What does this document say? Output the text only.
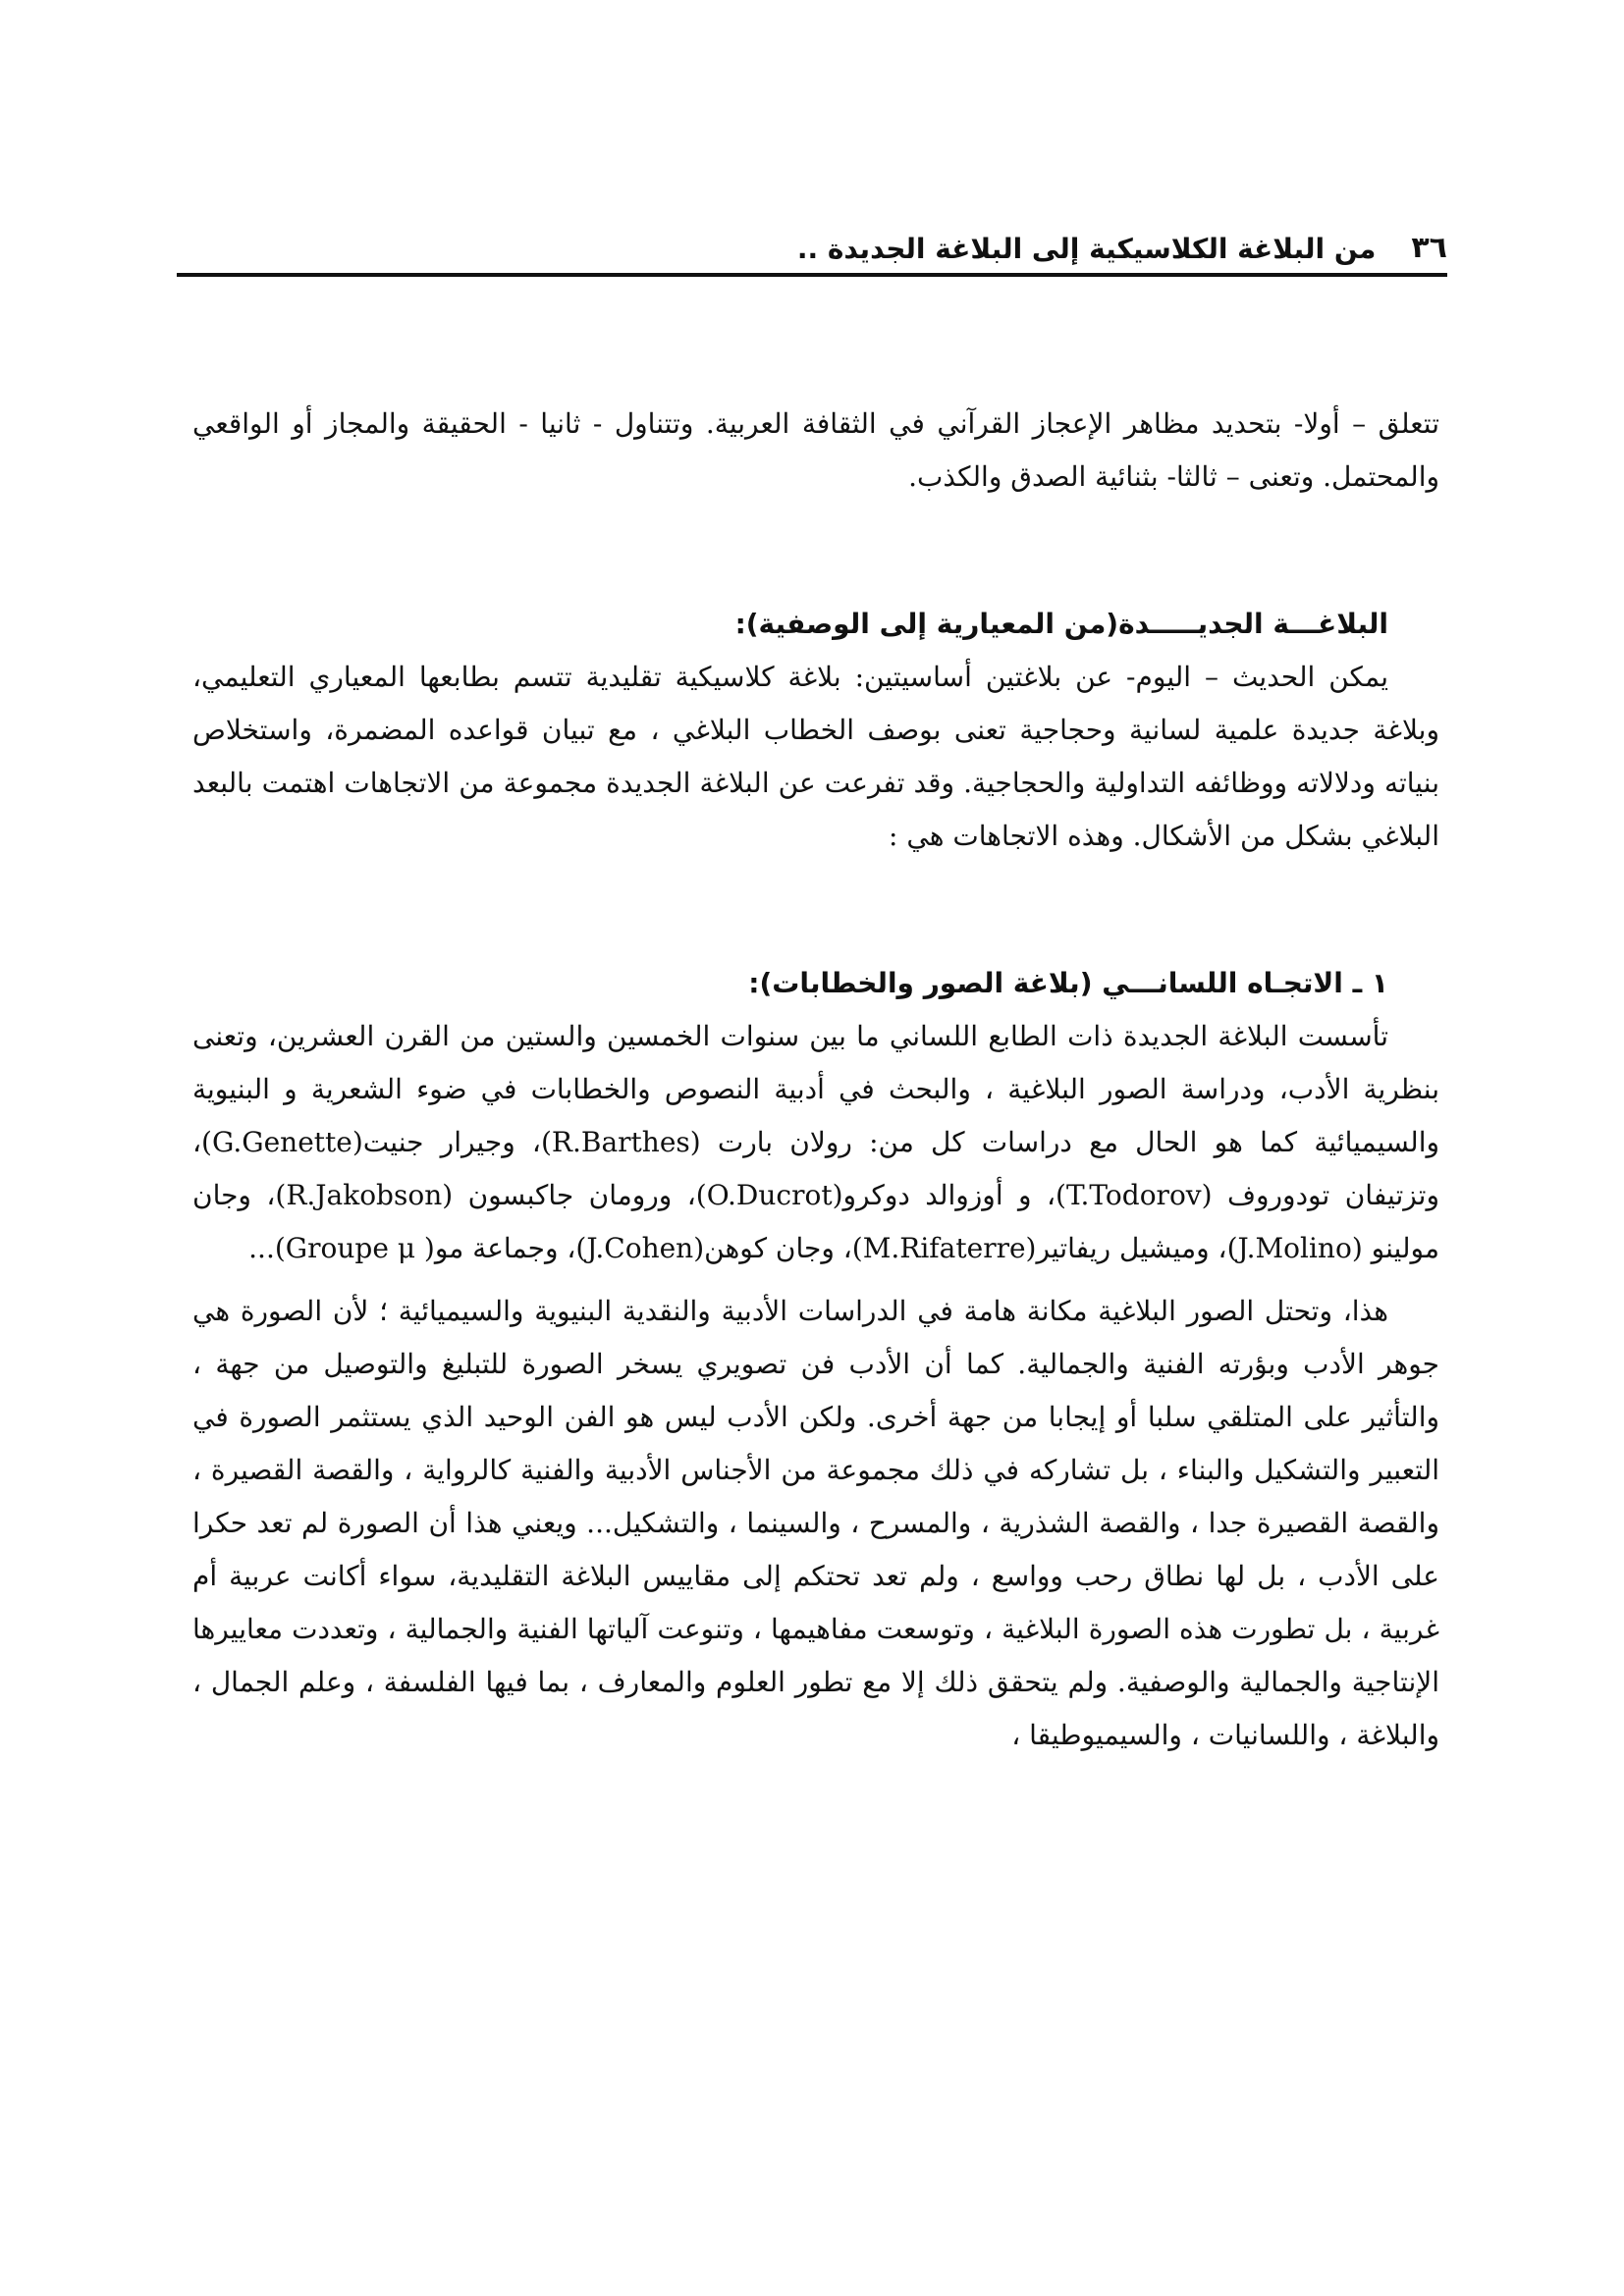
٣٦
من البلاغة الكلاسيكية إلى البلاغة الجديدة ..

تتعلق – أولا- بتحديد مظاهر الإعجاز القرآني في الثقافة العربية. وتتناول - ثانيا - الحقيقة والمجاز أو الواقعي والمحتمل. وتعنى – ثالثا- بثنائية الصدق والكذب.

البلاغـــة الجديـــــدة(من المعيارية إلى الوصفية):

يمكن الحديث – اليوم- عن بلاغتين أساسيتين: بلاغة كلاسيكية تقليدية تتسم بطابعها المعياري التعليمي، وبلاغة جديدة علمية لسانية وحجاجية تعنى بوصف الخطاب البلاغي ، مع تبيان قواعده المضمرة، واستخلاص بنياته ودلالاته ووظائفه التداولية والحجاجية. وقد تفرعت عن البلاغة الجديدة مجموعة من الاتجاهات اهتمت بالبعد البلاغي بشكل من الأشكال. وهذه الاتجاهات هي :

١ ـ الاتجـاه اللسانـــي (بلاغة الصور والخطابات):

تأسست البلاغة الجديدة ذات الطابع اللساني ما بين سنوات الخمسين والستين من القرن العشرين، وتعنى بنظرية الأدب، ودراسة الصور البلاغية ، والبحث في أدبية النصوص والخطابات في ضوء الشعرية و البنيوية والسيميائية كما هو الحال مع دراسات كل من: رولان بارت (R.Barthes)، وجيرار جنيت(G.Genette)، وتزتيفان تودوروف (T.Todorov)، و أوزوالد دوكرو(O.Ducrot)، ورومان جاكبسون (R.Jakobson)، وجان مولينو (J.Molino)، وميشيل ريفاتير(M.Rifaterre)، وجان كوهن(J.Cohen)، وجماعة مو( Groupe μ)...

هذا، وتحتل الصور البلاغية مكانة هامة في الدراسات الأدبية والنقدية البنيوية والسيميائية ؛ لأن الصورة هي جوهر الأدب وبؤرته الفنية والجمالية. كما أن الأدب فن تصويري يسخر الصورة للتبليغ والتوصيل من جهة ، والتأثير على المتلقي سلبا أو إيجابا من جهة أخرى. ولكن الأدب ليس هو الفن الوحيد الذي يستثمر الصورة في التعبير والتشكيل والبناء ، بل تشاركه في ذلك مجموعة من الأجناس الأدبية والفنية كالرواية ، والقصة القصيرة ، والقصة القصيرة جدا ، والقصة الشذرية ، والمسرح ، والسينما ، والتشكيل... ويعني هذا أن الصورة لم تعد حكرا على الأدب ، بل لها نطاق رحب وواسع ، ولم تعد تحتكم إلى مقاييس البلاغة التقليدية، سواء أكانت عربية أم غربية ، بل تطورت هذه الصورة البلاغية ، وتوسعت مفاهيمها ، وتنوعت آلياتها الفنية والجمالية ، وتعددت معاييرها الإنتاجية والجمالية والوصفية. ولم يتحقق ذلك إلا مع تطور العلوم والمعارف ، بما فيها الفلسفة ، وعلم الجمال ، والبلاغة ، واللسانيات ، والسيميوطيقا ،
